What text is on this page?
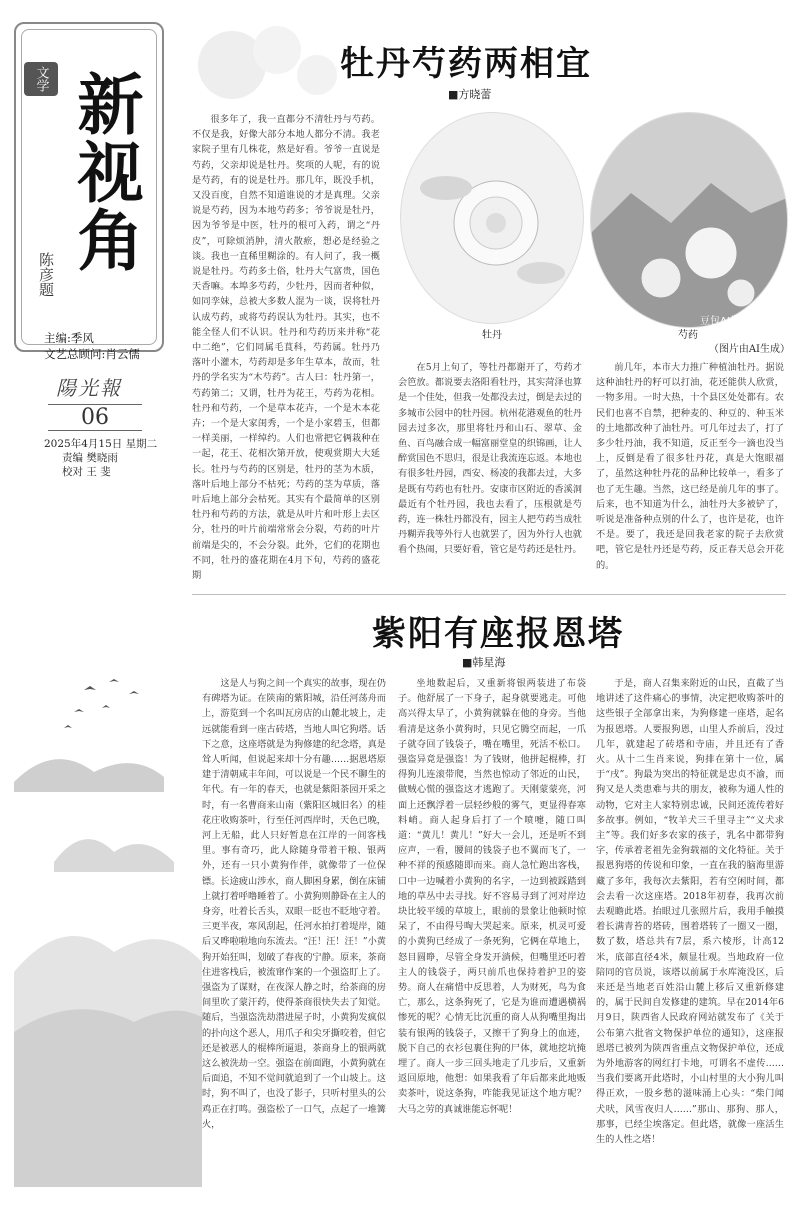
文学 新视角
陈彦题
主编:季风
文艺总顾问:肖云儒
陽光報
06
2025年4月15日 星期二
责编 樊晓雨
校对 王 斐
牡丹芍药两相宜
■方晓蕾

很多年了，我一直都分不清牡丹与芍药。不仅是我，好像大部分本地人都分不清。我老家院子里有几株花，熬是好看。爷爷一直说是芍药，父亲却说是牡丹。奖项的人呢，有的说是芍药，有的说是牡丹。那几年，既没手机，又没百度，自然不知道谁说的才是真理。父亲说是芍药，因为本地芍药多；爷爷说是牡丹，因为爷爷是中医，牡丹的根可入药，谓之“丹皮”，可除烦消肿，清火散瘀，想必是经验之谈。我也一直稀里糊涂的。有人问了，我一概说是牡丹。芍药多土俗，牡丹大气富贵，国色天香嘛。本埠多芍药，少牡丹，因而者种似，如同孪妹，总被大多数人混为一谈，误将牡丹认成芍药，或将芍药误认为牡丹。其实，也不能全怪人们不认识。牡丹和芍药历来并称“花中二绝”，它们同属毛茛科，芍药属。牡丹乃落叶小灌木，芍药却是多年生草本，故而，牡丹的学名实为“木芍药”。古人曰：牡丹第一，芍药第二；又谓，牡丹为花王，芍药为花相。牡丹和芍药，一个是草本花卉，一个是木本花卉；一个是大家闺秀，一个是小家碧玉，但都一样美丽，一样绰约。人们也常把它俩栽种在一起，花王、花相次第开放，使观赏期大大延长。牡丹与芍药的区别是，牡丹的茎为木质，落叶后地上部分不枯死；芍药的茎为草质，落叶后地上部分会枯死。其实有个最简单的区别牡丹和芍药的方法，就是从叶片和叶形上去区分，牡丹的叶片前端常常会分裂，芍药的叶片前端是尖的，不会分裂。此外，它们的花期也不同，牡丹的盛花期在4月下旬，芍药的盛花期

牡丹
豆包AI生成
芍药
（图片由AI生成）

在5月上旬了，等牡丹都谢开了，芍药才会笆放。都说要去洛阳看牡丹，其实菏泽也算是一个佳处，但我一处都没去过，倒是去过的多城市公园中的牡丹园。杭州花港观鱼的牡丹园去过多次，那里将牡丹和山石、翠草、金鱼、百鸟融合成一幅富丽堂皇的织锦画，让人醉赏国色不思归，很是让我流连忘返。本地也有很多牡丹园，西安、杨凌的我都去过，大多是既有芍药也有牡丹。安康市区附近的香溪洞最近有个牡丹园，我也去看了，压根就是芍药，连一株牡丹都没有，园主人把芍药当成牡丹糊弄我等外行人也就罢了，因为外行人也就看个热闹，只要好看，管它是芍药还是牡丹。

前几年，本市大力推广种植油牡丹。据说这种油牡丹的籽可以打油，花还能供人欣赏，一物多用。一时大热，十个县区处处都有。农民们也喜不自禁，把种麦的、种豆的、种玉米的土地都改种了油牡丹。可几年过去了，打了多少牡丹油，我不知道，反正至今一滴也没当上，反倒是看了很多牡丹花，真是大饱眼福了，虽然这种牡丹花的品种比较单一，看多了也了无生趣。当然，这已经是前几年的事了。后来，也不知道为什么，油牡丹大多被铲了，听说是准备种点别的什么了，也许是花，也许不是。要了，我还是回我老家的院子去欣赏吧，管它是牡丹还是芍药，反正春天总会开花的。

紫阳有座报恩塔
■韩星海

这是人与狗之间一个真实的故事，现在仍有碑塔为证。在陕南的紫阳城，沿任河荡舟而上，游览到一个名叫瓦房店的山麓北坡上，走远就能看到一座古砖塔，当地人叫它狗塔。话下之意，这座塔就是为狗修建的纪念塔，真是耸人听闻，但说起来却十分有趣……据恩塔原建于清朝咸丰年间，可以说是一个民不聊生的年代。有一年的春天，也就是紫阳茶园开采之时，有一名曹商来山南（紫阳区城旧名）的桂花庄收购茶叶，行至任河西岸时，天色已晚，河上无船，此人只好暂息在江岸的一间客栈里。事有奇巧，此人除随身带着干粮、银两外，还有一只小黄狗作伴，就像带了一位保镖。长途疲山涉水，商人脚困身累，倒在床铺上就打着呼噜睡着了。小黄狗则静卧在主人的身旁，吐着长舌头，双眼一眨也不眨地守着。三更半夜，寒风刮起，任河水拍打着堤岸，随后又哗啦啦地向东流去。“汪！汪！汪！”小黄狗开始狂叫，划破了春夜的宁静。原来，茶商住进客栈后，被流窜作案的一个强盗盯上了。强盗为了谋财，在夜深人静之时，给茶商的房间里吹了蒙汗药，使得茶商很快失去了知觉。随后，当强盗洗劫潜进屋子时，小黄狗发疯似的扑向这个恶人，用爪子和尖牙撕咬着，但它还是被恶人的棍棒所逼退，茶商身上的银两就这么被洗劫一空。强盗在前面跑，小黄狗就在后面追，不知不觉间就追到了一个山坡上。这时，狗不叫了，也没了影子，只听村里头的公鸡正在打鸣。强盗松了一口气，点起了一堆篝火，

坐地数起后，又重新将银两装进了布袋子。他舒展了一下身子，起身就要逃走。可他高兴得太早了，小黄狗就躲在他的身旁。当他看清是这条小黄狗时，只见它腾空而起，一爪子就夺回了钱袋子，嘴在嘴里，死活不松口。强盗异竟是强盗！为了钱财，他拼起棍棒，打得狗儿连滚带爬，当然也惊动了邻近的山民，做贼心慌的强盗这才逃跑了。天刚蒙蒙亮，河面上还飘浮着一层轻纱般的雾气，更显得春寒料峭。商人起身后打了一个喷嚏，随口叫道：“黄儿！黄儿！”好大一会儿，还是听不到应声，一看，腰间的钱袋子也不翼而飞了，一种不祥的预感随即而来。商人急忙跑出客栈，口中一边喊着小黄狗的名字，一边到被踩踏到地的草丛中去寻找。好不容易寻到了河对岸边块比较平缓的草坡上，眼前的景象让他顿时惊呆了，不由得号啕大哭起来。原来，机灵可爱的小黄狗已经成了一条死狗，它俩在草地上，怒目圆睁，尽管全身发开淌候，但嘴里还叼着主人的钱袋子，两只前爪也保持着护卫的姿势。商人在痛惜中反思着，人为财死，鸟为食亡，那么，这条狗死了，它是为谁而遭遇横祸惨死的呢？心情无比沉重的商人从狗嘴里掏出装有银两的钱袋子，又擦干了狗身上的血迹，脱下自己的衣衫包裹住狗的尸体，就地挖坑掩埋了。商人一步三回头地走了几步后，又重新返回原地，他想：如果我看了年后都来此地贩卖茶叶，说这条狗，咋能我见证这个地方呢？大马之劳的真诚谁能忘怀呢！

于是，商人召集来附近的山民，直截了当地讲述了这件痛心的事情，决定把收购茶叶的这些银子全部拿出来，为狗修建一座塔，起名为报恩塔。人要报狗恩，山里人乔前后，没过几年，就建起了砖塔和寺庙，并且还有了香火。从十二生肖来说，狗排在第十一位，属于“戌”。狗最为突出的特征就是忠贞不渝，而狗又是人类患难与共的朋友，被称为通人性的动物，它对主人家特别忠诚，民间还流传着好多故事。例如，“牧羊犬三千里寻主”“义犬求主”等。我们好多农家的孩子，乳名中都带狗字，传承着老祖先金狗载福的文化特征。关于报恩狗塔的传说和印象，一直在我的脑海里游藏了多年，我每次去紫阳，若有空闲时间，都会去看一次这座塔。2018年初春，我再次前去观瞻此塔。抬眼过几张照片后，我用手触摸着长满青苔的塔砖，围着塔转了一圈又一圈，数了数，塔总共有7层，系六棱形，计高12米，底部直径4米，颇显壮观。当地政府一位陪同的官员说，该塔以前属于水库淹没区，后来还是当地老百姓沿山麓上移后又重新修建的，属于民间自发修建的建筑。早在2014年6月9日，陕西省人民政府网站就发布了《关于公布第六批省文物保护单位的通知》，这座报恩塔已被列为陕西省重点文物保护单位，还成为外地游客的网红打卡地，可谓名不虚传……当我们要离开此塔时，小山村里的大小狗儿叫得正欢，一股乡愁的滋味涌上心头：“柴门闻犬吠，风雪夜归人……”那山、那狗、那人，那事，已经尘埃落定。但此塔，就像一座活生生的人性之塔！
